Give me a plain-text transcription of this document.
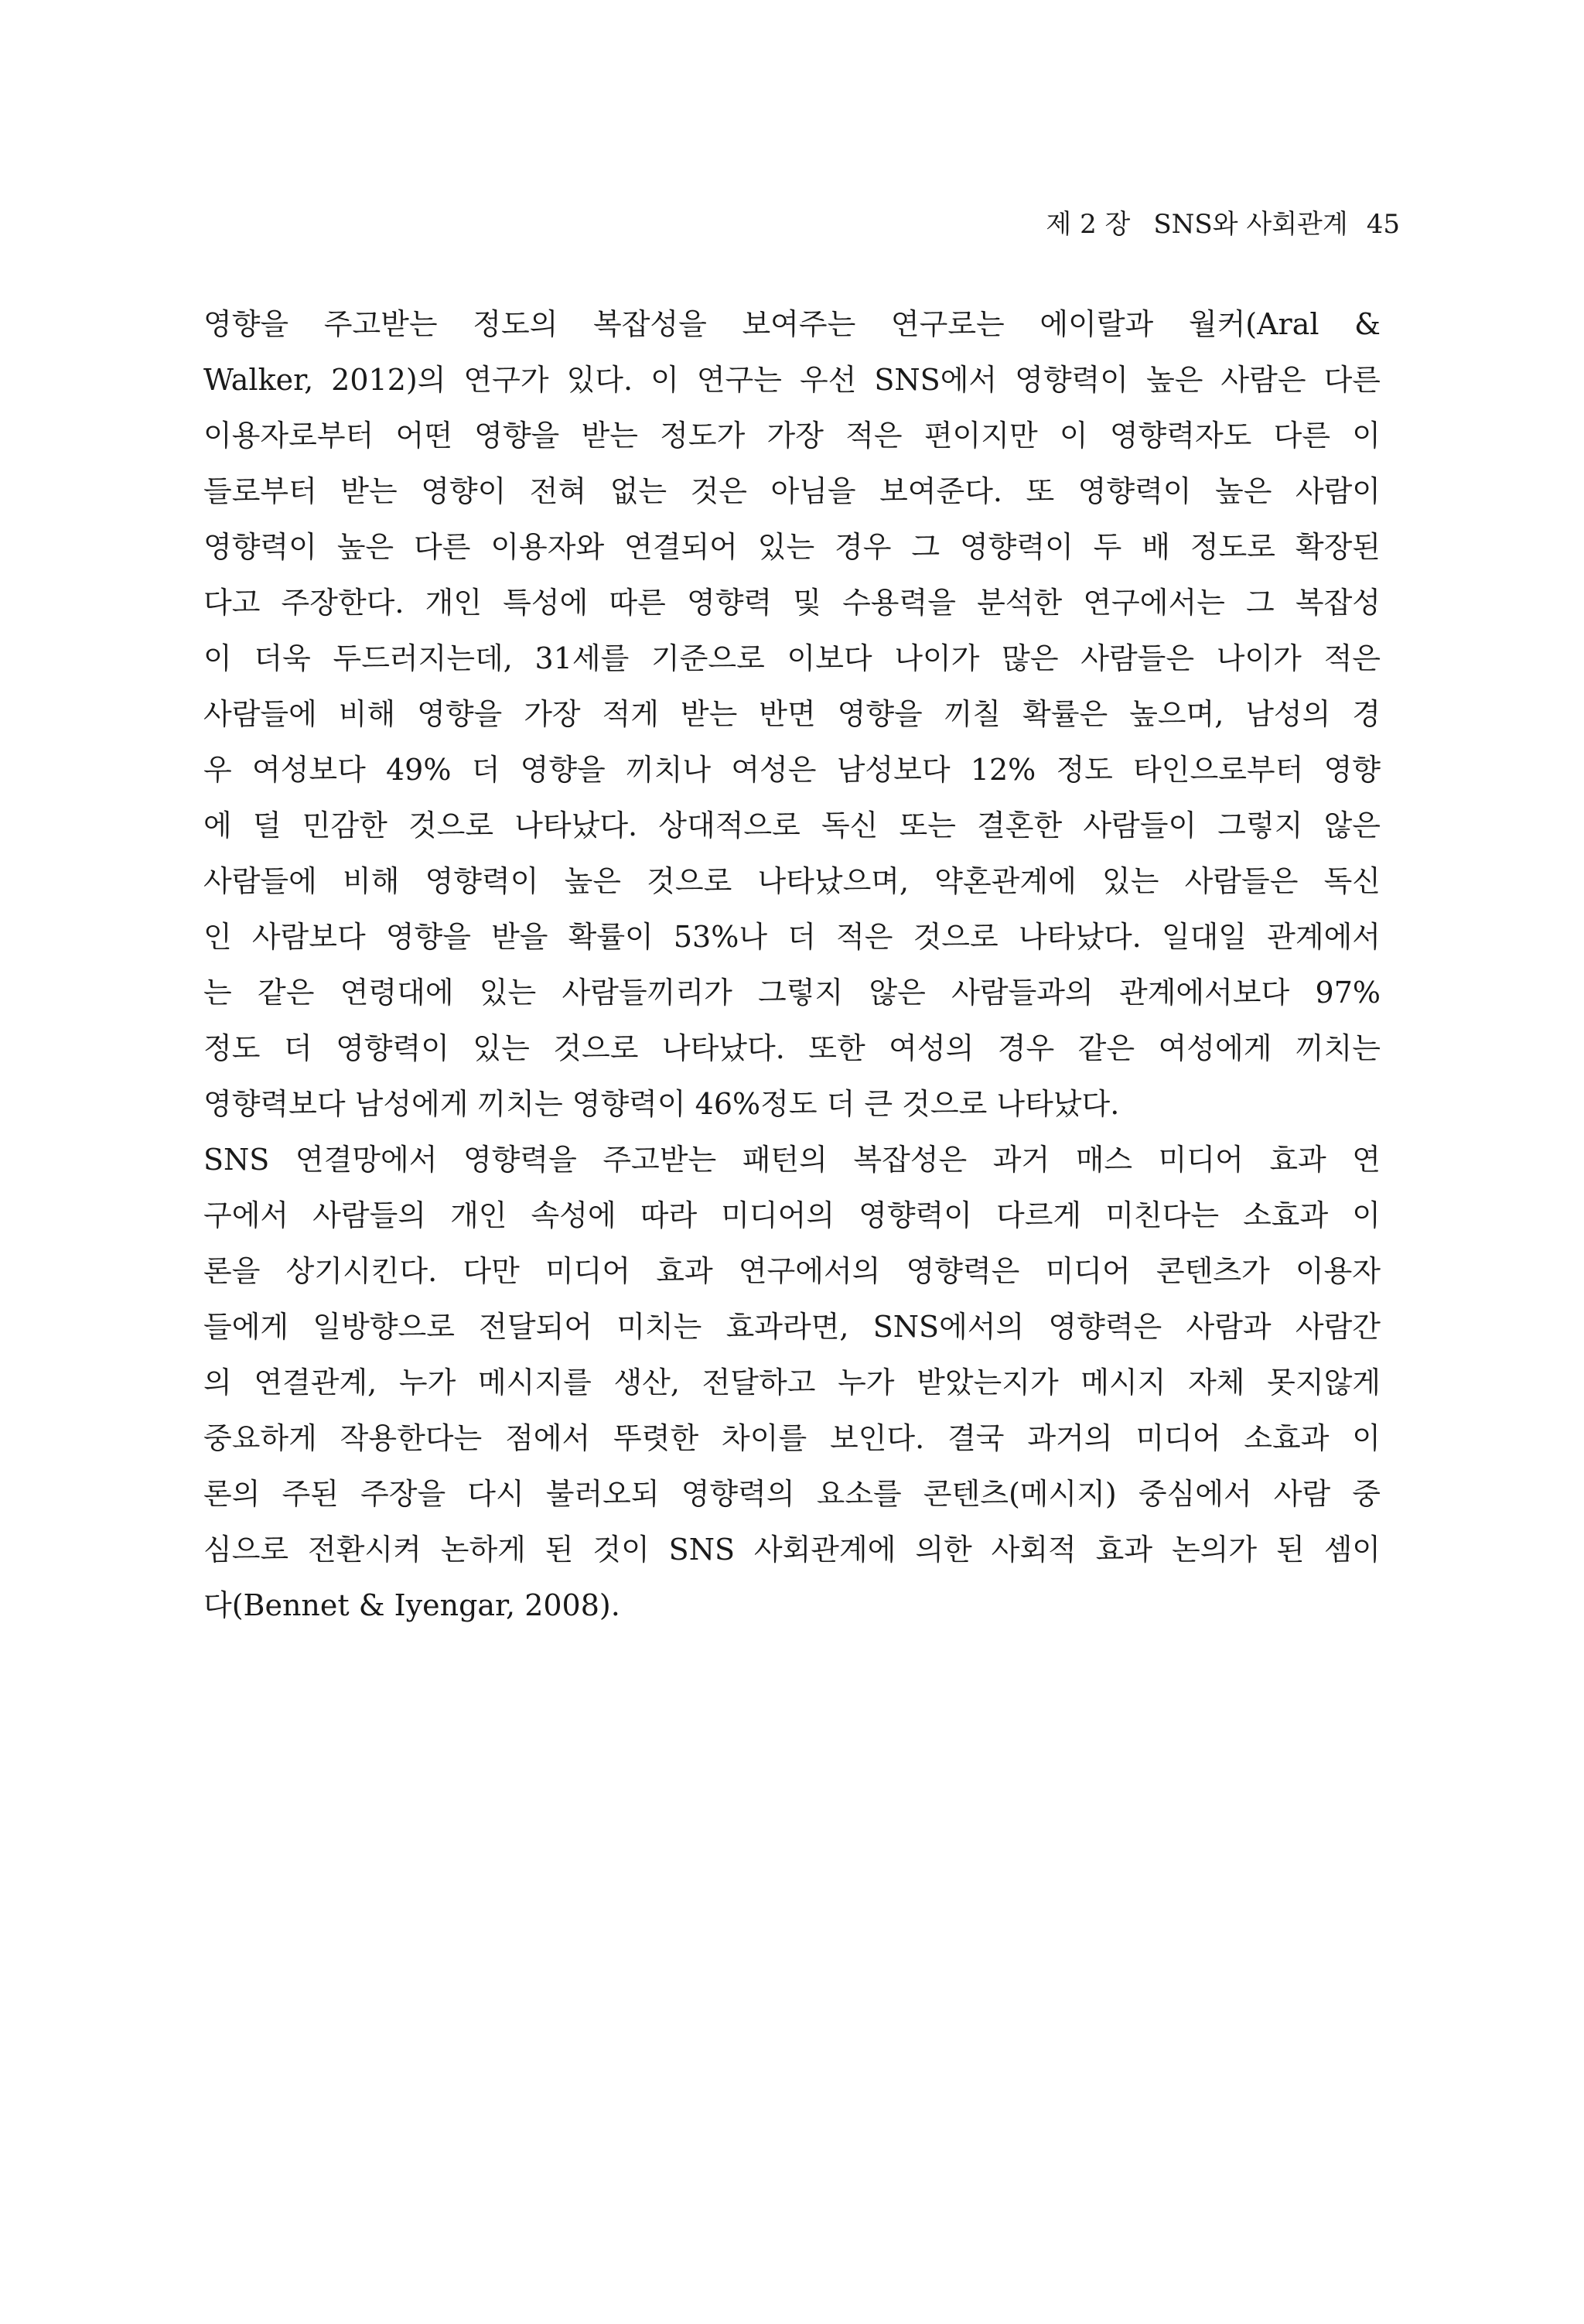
제 2 장 SNS와 사회관계 45
영향을 주고받는 정도의 복잡성을 보여주는 연구로는 에이랄과 월커(Aral &
Walker, 2012)의 연구가 있다. 이 연구는 우선 SNS에서 영향력이 높은 사람은 다른
이용자로부터 어떤 영향을 받는 정도가 가장 적은 편이지만 이 영향력자도 다른 이
들로부터 받는 영향이 전혀 없는 것은 아님을 보여준다. 또 영향력이 높은 사람이
영향력이 높은 다른 이용자와 연결되어 있는 경우 그 영향력이 두 배 정도로 확장된
다고 주장한다. 개인 특성에 따른 영향력 및 수용력을 분석한 연구에서는 그 복잡성
이 더욱 두드러지는데, 31세를 기준으로 이보다 나이가 많은 사람들은 나이가 적은
사람들에 비해 영향을 가장 적게 받는 반면 영향을 끼칠 확률은 높으며, 남성의 경
우 여성보다 49% 더 영향을 끼치나 여성은 남성보다 12% 정도 타인으로부터 영향
에 덜 민감한 것으로 나타났다. 상대적으로 독신 또는 결혼한 사람들이 그렇지 않은
사람들에 비해 영향력이 높은 것으로 나타났으며, 약혼관계에 있는 사람들은 독신
인 사람보다 영향을 받을 확률이 53%나 더 적은 것으로 나타났다. 일대일 관계에서
는 같은 연령대에 있는 사람들끼리가 그렇지 않은 사람들과의 관계에서보다 97%
정도 더 영향력이 있는 것으로 나타났다. 또한 여성의 경우 같은 여성에게 끼치는
영향력보다 남성에게 끼치는 영향력이 46%정도 더 큰 것으로 나타났다.
SNS 연결망에서 영향력을 주고받는 패턴의 복잡성은 과거 매스 미디어 효과 연
구에서 사람들의 개인 속성에 따라 미디어의 영향력이 다르게 미친다는 소효과 이
론을 상기시킨다. 다만 미디어 효과 연구에서의 영향력은 미디어 콘텐츠가 이용자
들에게 일방향으로 전달되어 미치는 효과라면, SNS에서의 영향력은 사람과 사람간
의 연결관계, 누가 메시지를 생산, 전달하고 누가 받았는지가 메시지 자체 못지않게
중요하게 작용한다는 점에서 뚜렷한 차이를 보인다. 결국 과거의 미디어 소효과 이
론의 주된 주장을 다시 불러오되 영향력의 요소를 콘텐츠(메시지) 중심에서 사람 중
심으로 전환시켜 논하게 된 것이 SNS 사회관계에 의한 사회적 효과 논의가 된 셈이
다(Bennet & Iyengar, 2008).
